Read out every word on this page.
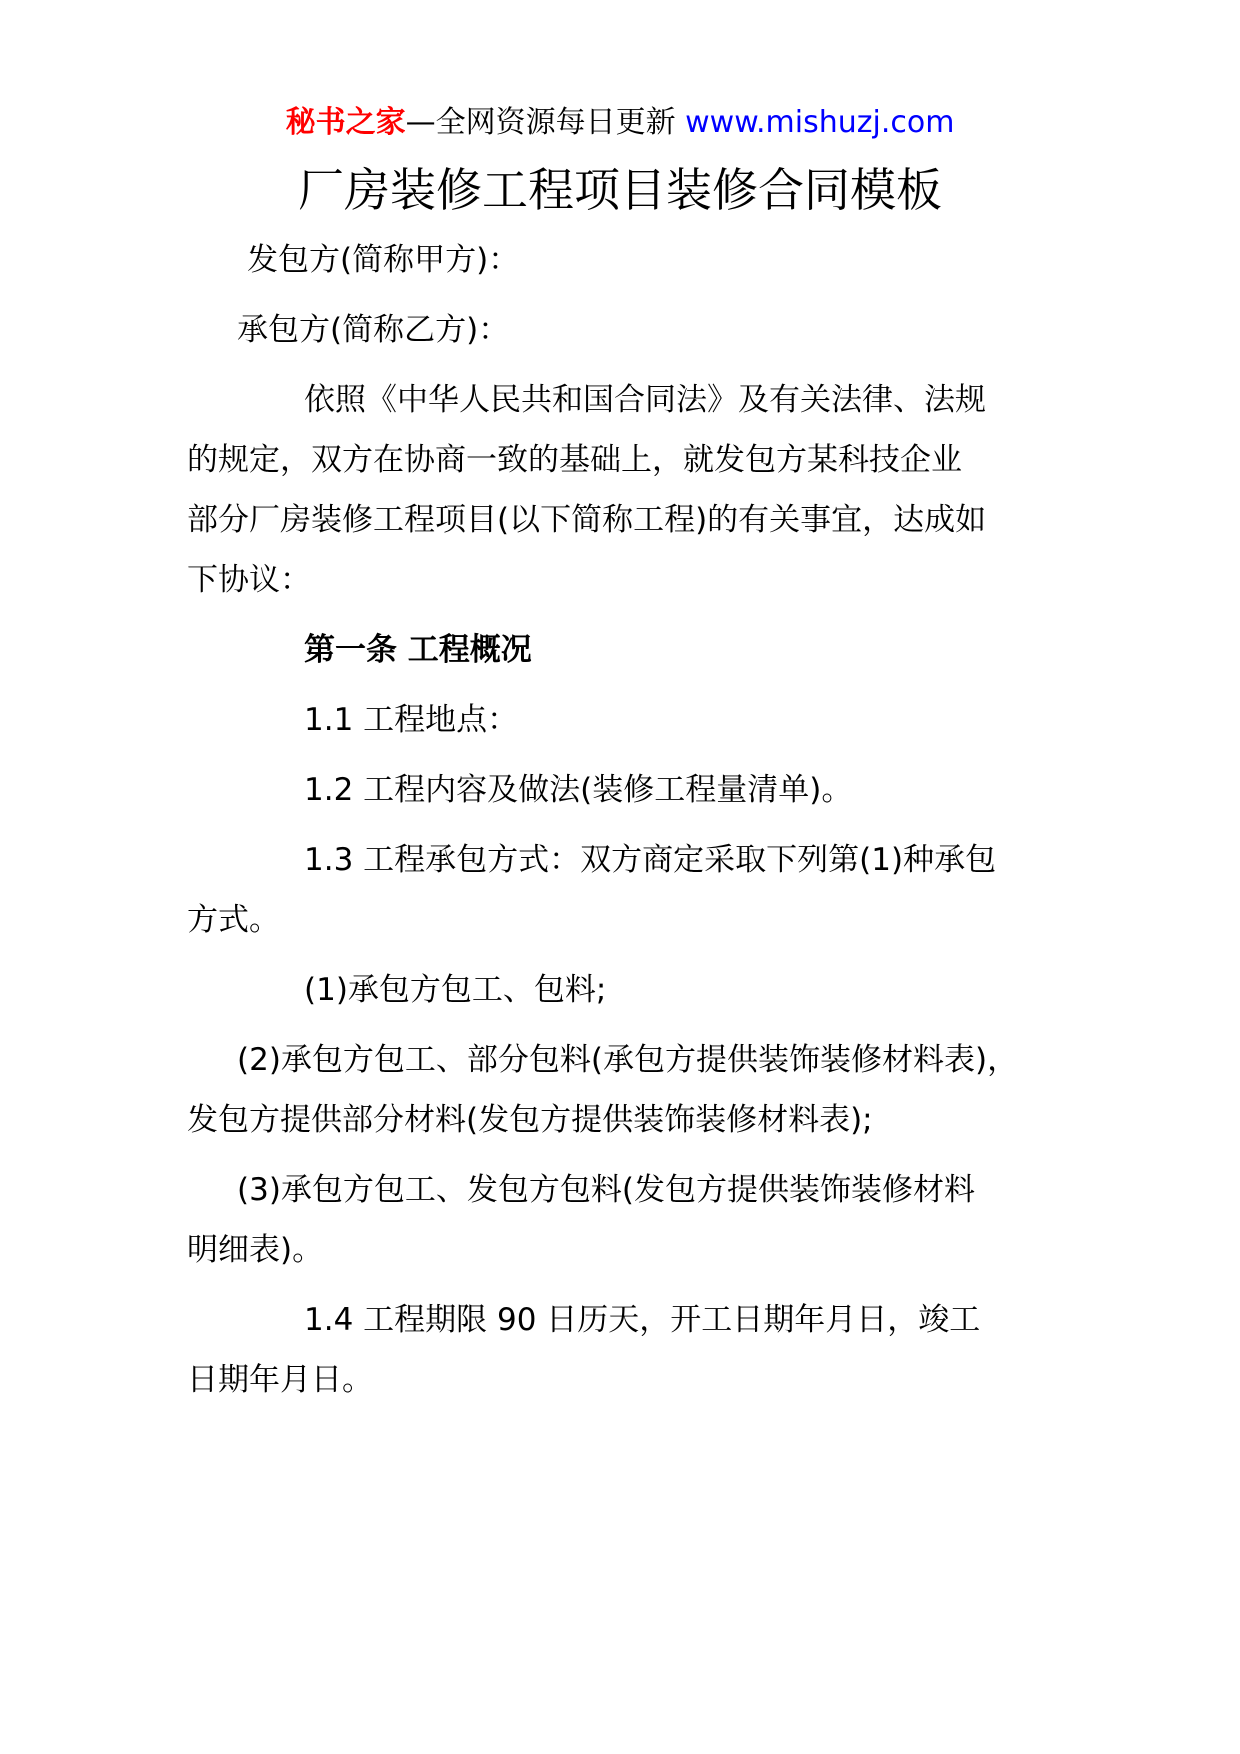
秘书之家—全网资源每日更新 www.mishuzj.com
厂房装修工程项目装修合同模板
发包方(简称甲方)：
承包方(简称乙方)：
依照《中华人民共和国合同法》及有关法律、法规
的规定，双方在协商一致的基础上，就发包方某科技企业
部分厂房装修工程项目(以下简称工程)的有关事宜，达成如
下协议：
第一条 工程概况
1.1 工程地点：
1.2 工程内容及做法(装修工程量清单)。
1.3 工程承包方式：双方商定采取下列第(1)种承包
方式。
(1)承包方包工、包料;
(2)承包方包工、部分包料(承包方提供装饰装修材料表)，
发包方提供部分材料(发包方提供装饰装修材料表);
(3)承包方包工、发包方包料(发包方提供装饰装修材料
明细表)。
1.4 工程期限 90 日历天，开工日期年月日，竣工
日期年月日。
